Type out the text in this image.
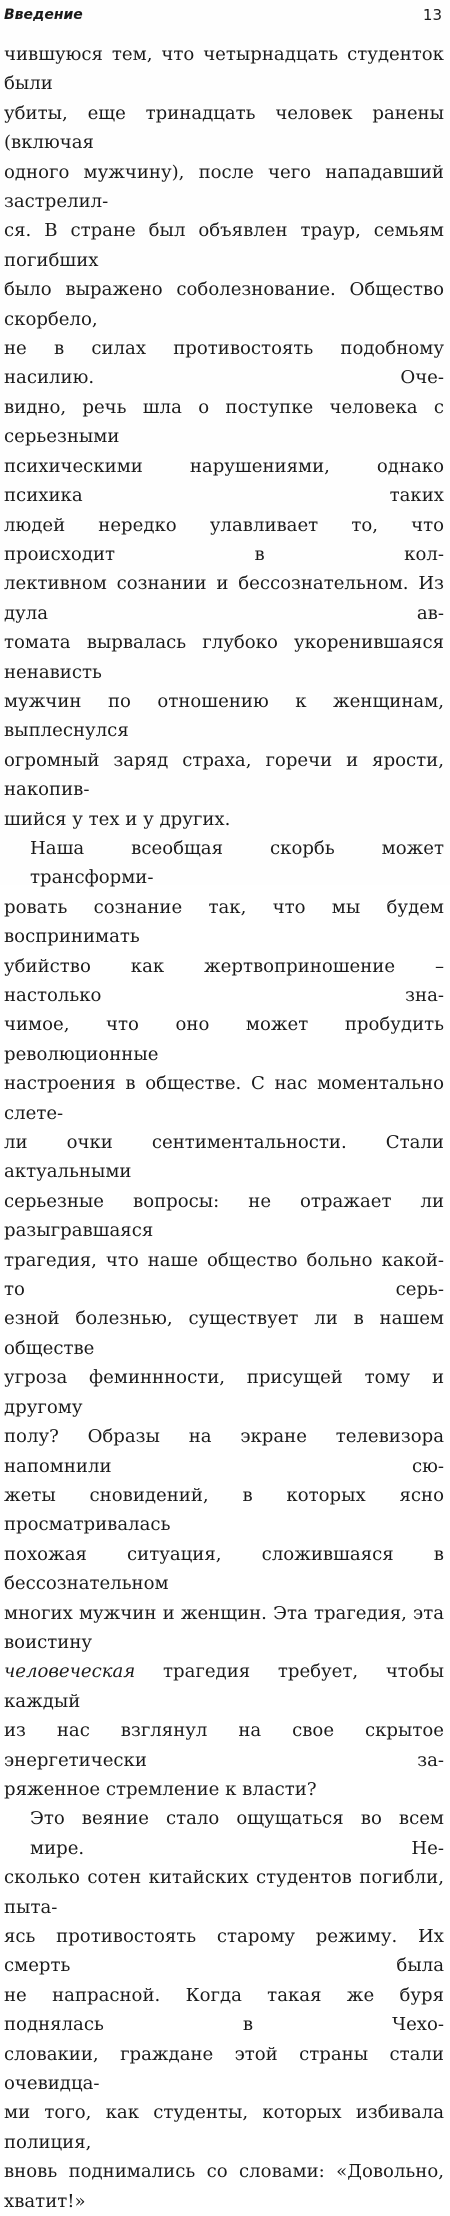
Введение	13
чившуюся тем, что четырнадцать студенток были
убиты, еще тринадцать человек ранены (включая
одного мужчину), после чего нападавший застрелил-
ся. В стране был объявлен траур, семьям погибших
было выражено соболезнование. Общество скорбело,
не в силах противостоять подобному насилию. Оче-
видно, речь шла о поступке человека с серьезными
психическими нарушениями, однако психика таких
людей нередко улавливает то, что происходит в кол-
лективном сознании и бессознательном. Из дула ав-
томата вырвалась глубоко укоренившаяся ненависть
мужчин по отношению к женщинам, выплеснулся
огромный заряд страха, горечи и ярости, накопив-
шийся у тех и у других.
Наша всеобщая скорбь может трансформи-
ровать сознание так, что мы будем воспринимать
убийство как жертвоприношение – настолько зна-
чимое, что оно может пробудить революционные
настроения в обществе. С нас моментально слете-
ли очки сентиментальности. Стали актуальными
серьезные вопросы: не отражает ли разыгравшаяся
трагедия, что наше общество больно какой-то серь-
езной болезнью, существует ли в нашем обществе
угроза феминнности, присущей тому и другому
полу? Образы на экране телевизора напомнили сю-
жеты сновидений, в которых ясно просматривалась
похожая ситуация, сложившаяся в бессознательном
многих мужчин и женщин. Эта трагедия, эта воистину
человеческая трагедия требует, чтобы каждый
из нас взглянул на свое скрытое энергетически за-
ряженное стремление к власти?
Это веяние стало ощущаться во всем мире. Не-
сколько сотен китайских студентов погибли, пыта-
ясь противостоять старому режиму. Их смерть была
не напрасной. Когда такая же буря поднялась в Чехо-
словакии, граждане этой страны стали очевидца-
ми того, как студенты, которых избивала полиция,
вновь поднимались со словами: «Довольно, хватит!»
